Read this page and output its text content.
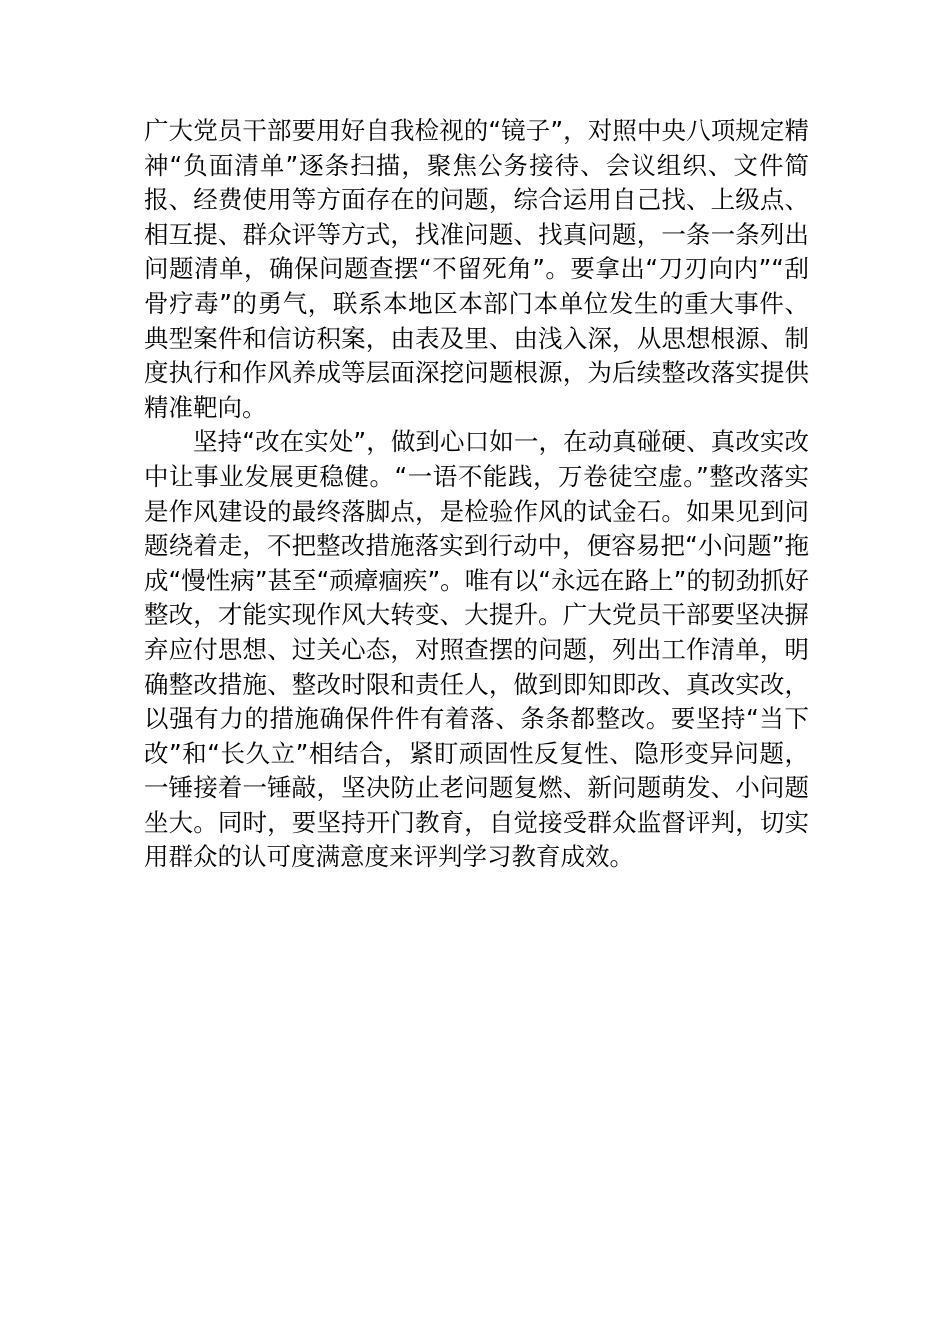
广大党员干部要用好自我检视的“镜子”，对照中央八项规定精神“负面清单”逐条扫描，聚焦公务接待、会议组织、文件简报、经费使用等方面存在的问题，综合运用自己找、上级点、相互提、群众评等方式，找准问题、找真问题，一条一条列出问题清单，确保问题查摆“不留死角”。要拿出“刀刃向内”“刮骨疗毒”的勇气，联系本地区本部门本单位发生的重大事件、典型案件和信访积案，由表及里、由浅入深，从思想根源、制度执行和作风养成等层面深挖问题根源，为后续整改落实提供精准靶向。

坚持“改在实处”，做到心口如一，在动真碰硬、真改实改中让事业发展更稳健。“一语不能践，万卷徒空虚。”整改落实是作风建设的最终落脚点，是检验作风的试金石。如果见到问题绕着走，不把整改措施落实到行动中，便容易把“小问题”拖成“慢性病”甚至“顽瘴痼疾”。唯有以“永远在路上”的韧劲抓好整改，才能实现作风大转变、大提升。广大党员干部要坚决摒弃应付思想、过关心态，对照查摆的问题，列出工作清单，明确整改措施、整改时限和责任人，做到即知即改、真改实改，以强有力的措施确保件件有着落、条条都整改。要坚持“当下改”和“长久立”相结合，紧盯顽固性反复性、隐形变异问题，一锤接着一锤敲，坚决防止老问题复燃、新问题萌发、小问题坐大。同时，要坚持开门教育，自觉接受群众监督评判，切实用群众的认可度满意度来评判学习教育成效。
